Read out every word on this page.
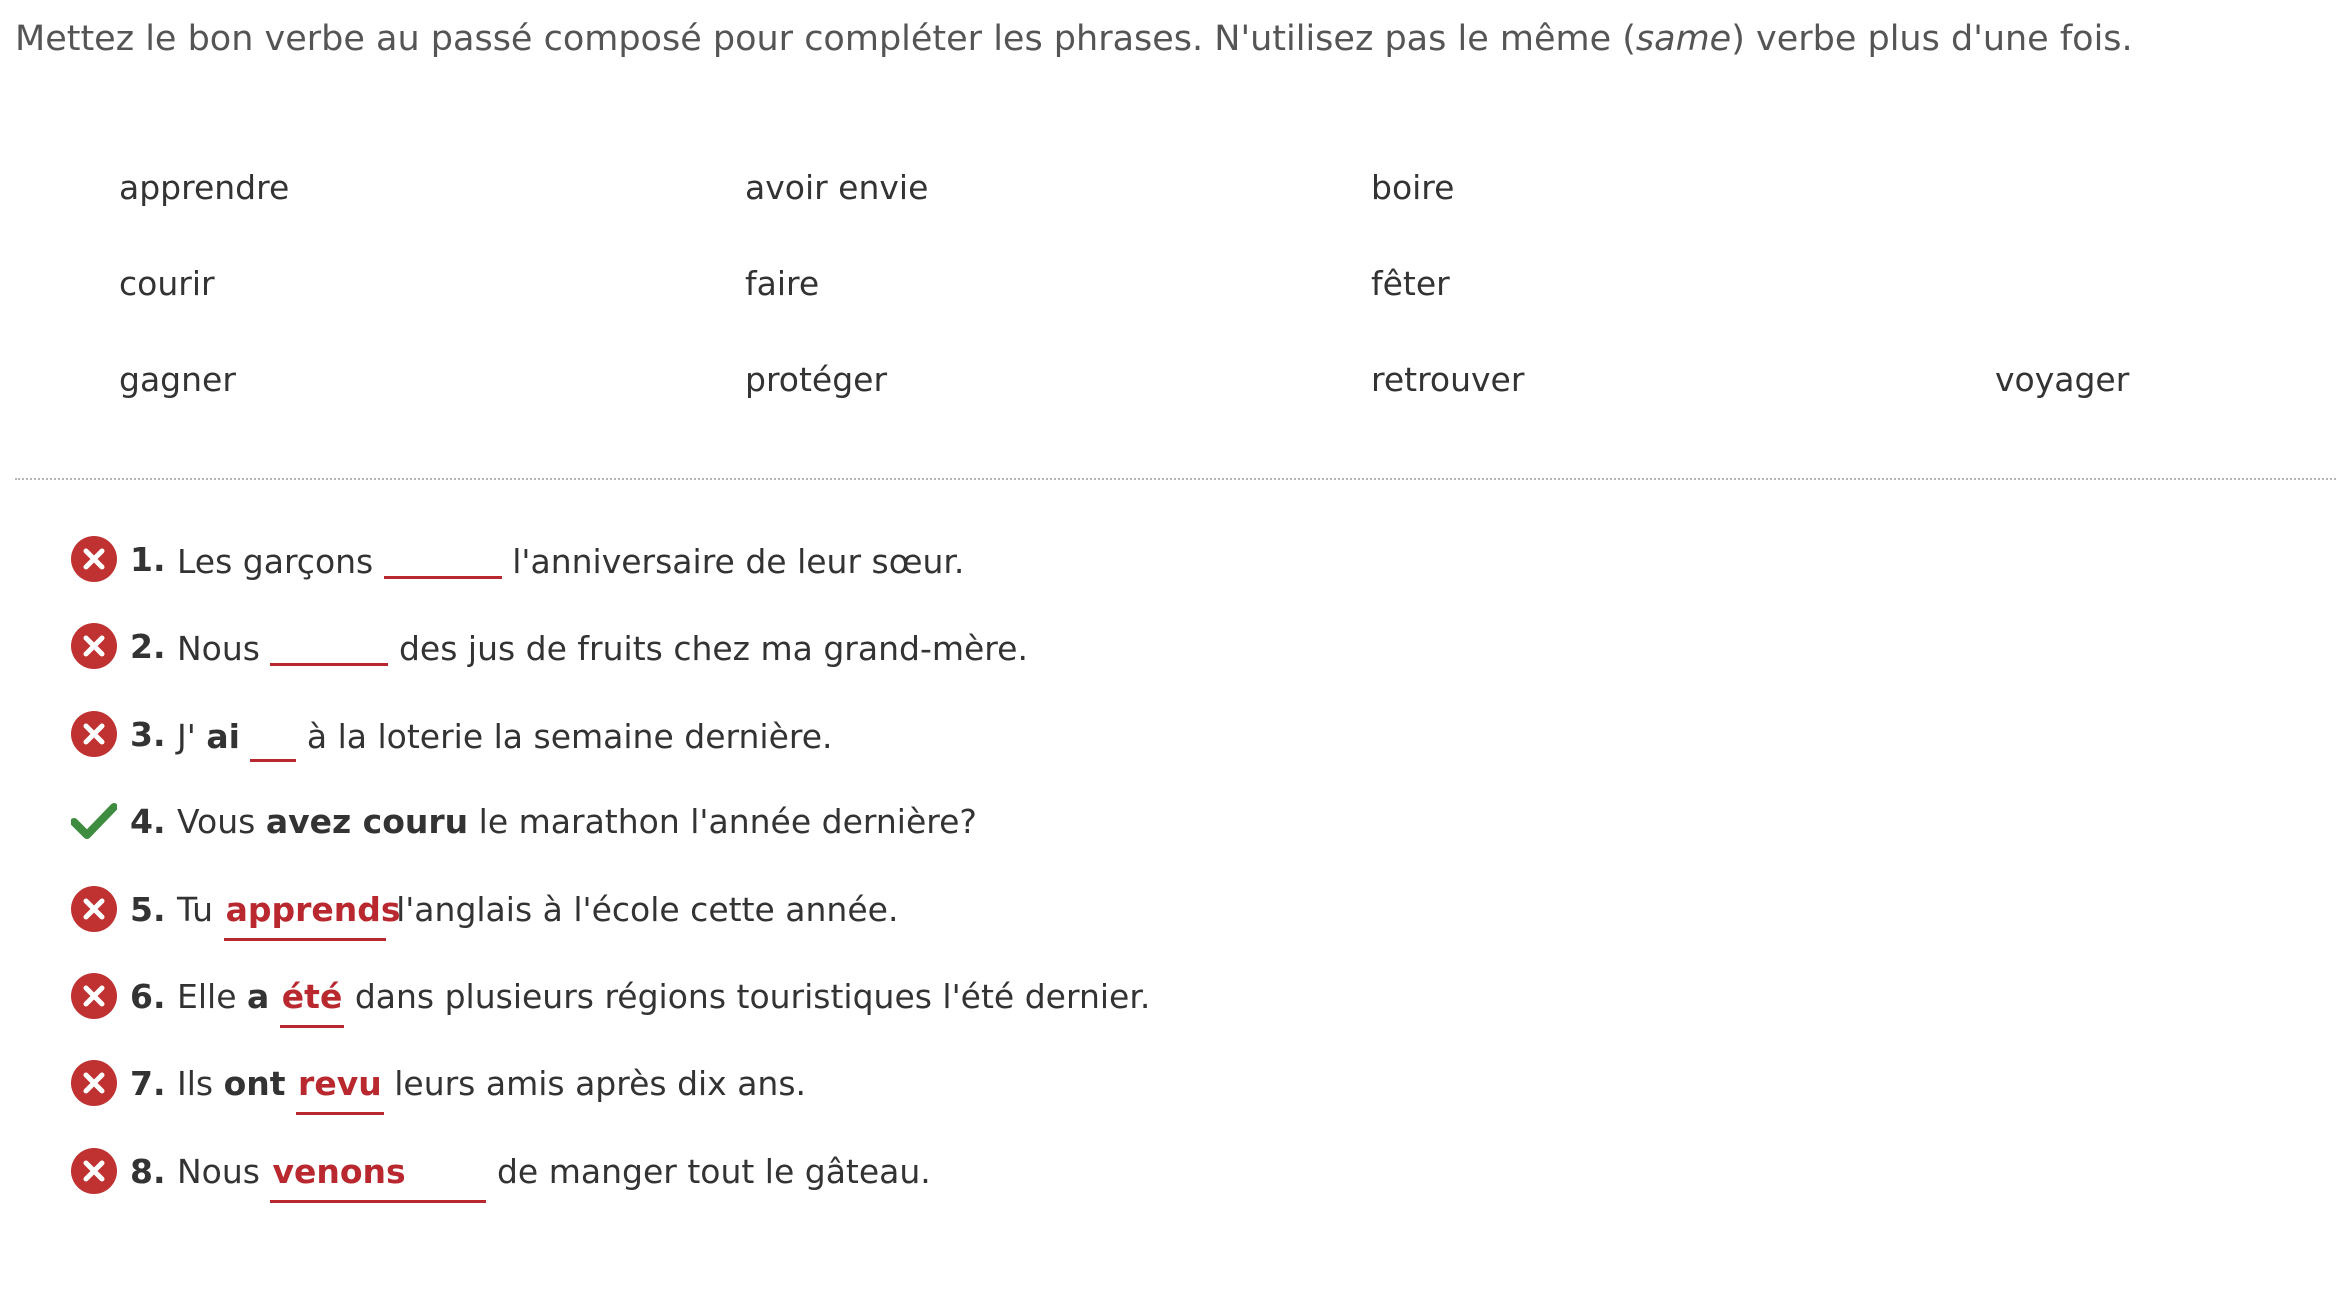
Mettez le bon verbe au passé composé pour compléter les phrases. N'utilisez pas le même (same) verbe plus d'une fois.
apprendre	avoir envie	boire
courir	faire	fêter
gagner	protéger	retrouver	voyager
1. Les garçons	l'anniversaire de leur sœur.
2. Nous	des jus de fruits chez ma grand-mère.
3. J' ai à la loterie la semaine dernière.
4. Vous avez couru le marathon l'année dernière?
5. Tu apprends l'anglais à l'école cette année.
6. Elle a été dans plusieurs régions touristiques l'été dernier.
7. Ils ont revu leurs amis après dix ans.
8. Nous venons	de manger tout le gâteau.
